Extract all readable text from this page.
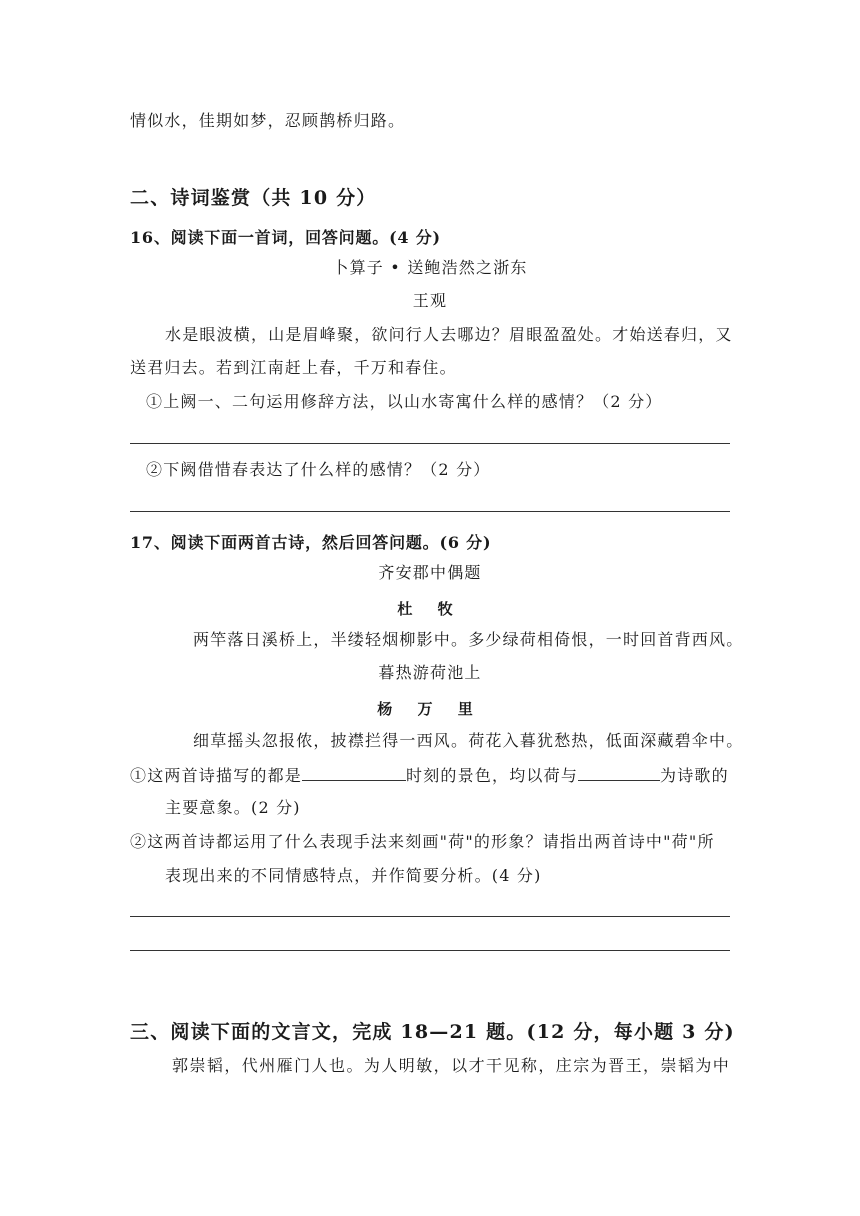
情似水，佳期如梦，忍顾鹊桥归路。
二、诗词鉴赏（共 10 分）
16、阅读下面一首词，回答问题。(4 分)
卜算子 • 送鲍浩然之浙东
王观
水是眼波横，山是眉峰聚，欲问行人去哪边？眉眼盈盈处。才始送春归，又
送君归去。若到江南赶上春，千万和春住。
①上阙一、二句运用修辞方法，以山水寄寓什么样的感情？（2 分）
②下阙借惜春表达了什么样的感情？（2 分）
17、阅读下面两首古诗，然后回答问题。(6 分)
齐安郡中偶题
杜 牧
两竿落日溪桥上，半缕轻烟柳影中。多少绿荷相倚恨，一时回首背西风。
暮热游荷池上
杨 万 里
细草摇头忽报侬，披襟拦得一西风。荷花入暮犹愁热，低面深藏碧伞中。
①这两首诗描写的都是	时刻的景色，均以荷与	为诗歌的
主要意象。(2 分)
②这两首诗都运用了什么表现手法来刻画"荷"的形象？请指出两首诗中"荷"所
表现出来的不同情感特点，并作简要分析。(4 分)
三、阅读下面的文言文，完成 18—21 题。(12 分，每小题 3 分)
郭崇韬，代州雁门人也。为人明敏，以才干见称，庄宗为晋王，崇韬为中
